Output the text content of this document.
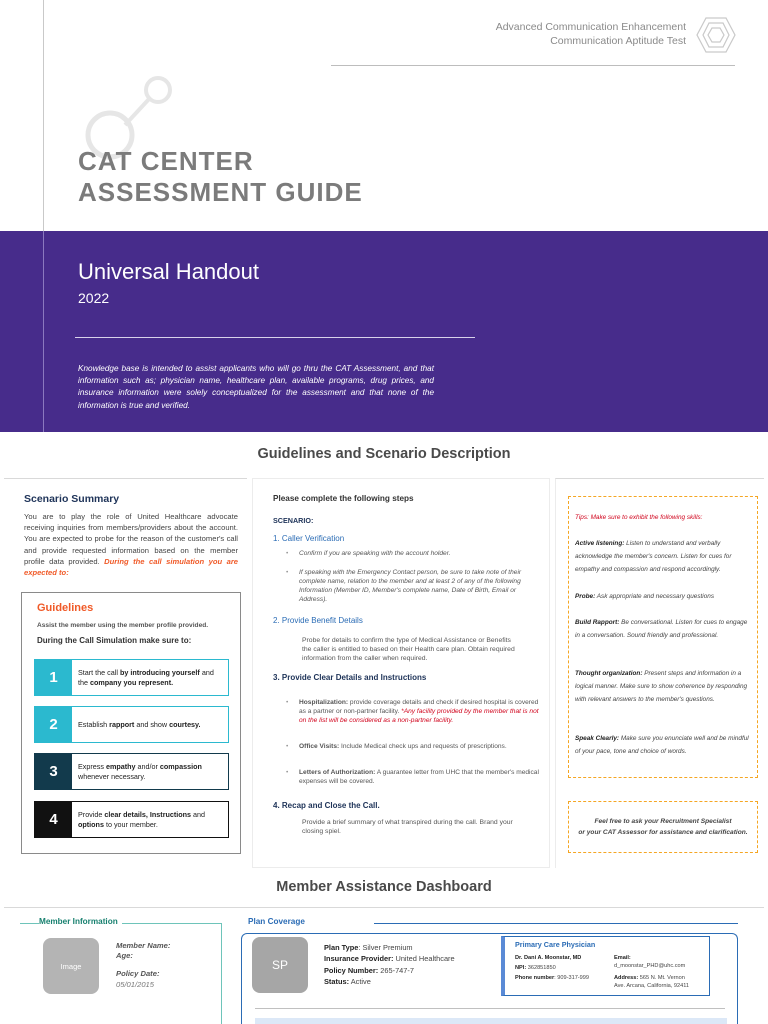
Advanced Communication Enhancement
Communication Aptitude Test
CAT CENTER
ASSESSMENT GUIDE
Universal Handout
2022
Knowledge base is intended to assist applicants who will go thru the CAT Assessment, and that information such as; physician name, healthcare plan, available programs, drug prices, and insurance information were solely conceptualized for the assessment and that none of the information is true and verified.
Guidelines and Scenario Description
Scenario Summary
You are to play the role of United Healthcare advocate receiving inquiries from members/providers about the account. You are expected to probe for the reason of the customer's call and provide requested information based on the member profile data provided. During the call simulation you are expected to:
Guidelines
Assist the member using the member profile provided.
During the Call Simulation make sure to:
1	Start the call by introducing yourself and the company you represent.
2	Establish rapport and show courtesy.
3	Express empathy and/or compassion whenever necessary.
4	Provide clear details, Instructions and options to your member.
Please complete the following steps
SCENARIO:
1. Caller Verification
• Confirm if you are speaking with the account holder.
• If speaking with the Emergency Contact person, be sure to take note of their complete name, relation to the member and at least 2 of any of the following Information (Member ID, Member's complete name, Date of Birth, Email or Address).
2. Provide Benefit Details
Probe for details to confirm the type of Medical Assistance or Benefits the caller is entitled to based on their Health care plan. Obtain required information from the caller when required.
3. Provide Clear Details and Instructions
• Hospitalization: provide coverage details and check if desired hospital is covered as a partner or non-partner facility. *Any facility provided by the member that is not on the list will be considered as a non-partner facility.
• Office Visits: Include Medical check ups and requests of prescriptions.
• Letters of Authorization: A guarantee letter from UHC that the member's medical expenses will be covered.
4. Recap and Close the Call.
Provide a brief summary of what transpired during the call. Brand your closing spiel.
Tips: Make sure to exhibit the following skills:
Active listening: Listen to understand and verbally acknowledge the member's concern. Listen for cues for empathy and compassion and respond accordingly.
Probe: Ask appropriate and necessary questions
Build Rapport: Be conversational. Listen for cues to engage in a conversation. Sound friendly and professional.
Thought organization: Present steps and information in a logical manner. Make sure to show coherence by responding with relevant answers to the member's questions.
Speak Clearly: Make sure you enunciate well and be mindful of your pace, tone and choice of words.
Feel free to ask your Recruitment Specialist
or your CAT Assessor for assistance and clarification.
Member Assistance Dashboard
Member Information
Image
Member Name:
Age:
Policy Date:
05/01/2015
Plan Coverage
SP
Plan Type: Silver Premium
Insurance Provider: United Healthcare
Policy Number: 265-747-7
Status: Active
Primary Care Physician
Dr. Dani A. Moonstar, MD
NPI: 362851850
Phone number: 909-317-999
Email:
d_moonstar_PHD@uhc.com
Address: 565 N. Mt. Vernon
Ave. Arcana, California, 92411
